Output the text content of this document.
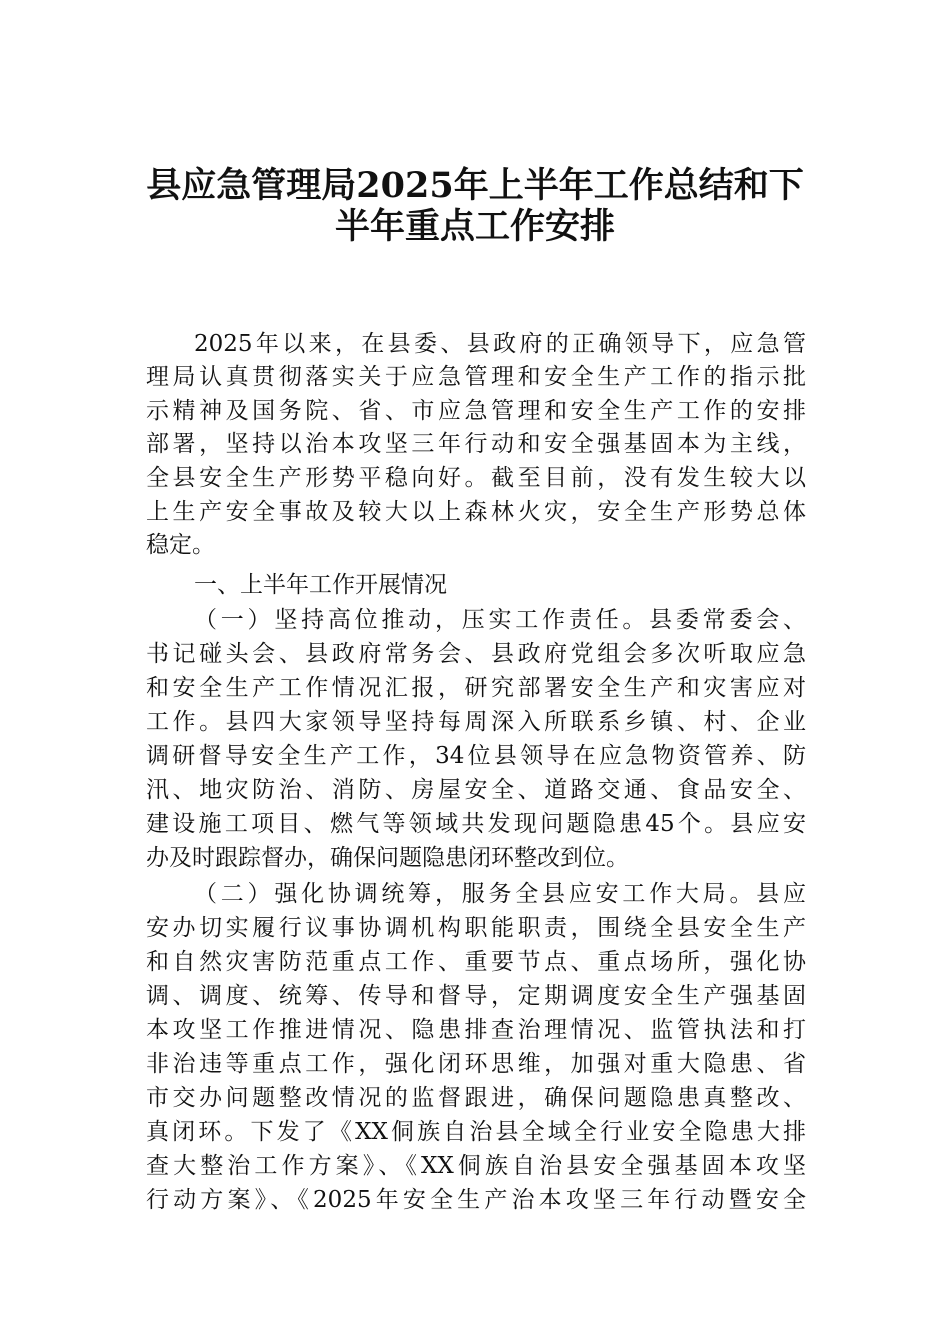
县应急管理局2025年上半年工作总结和下
半年重点工作安排
2025年以来，在县委、县政府的正确领导下，应急管
理局认真贯彻落实关于应急管理和安全生产工作的指示批
示精神及国务院、省、市应急管理和安全生产工作的安排
部署，坚持以治本攻坚三年行动和安全强基固本为主线，
全县安全生产形势平稳向好。截至目前，没有发生较大以
上生产安全事故及较大以上森林火灾，安全生产形势总体
稳定。
一、上半年工作开展情况
（一）坚持高位推动，压实工作责任。县委常委会、
书记碰头会、县政府常务会、县政府党组会多次听取应急
和安全生产工作情况汇报，研究部署安全生产和灾害应对
工作。县四大家领导坚持每周深入所联系乡镇、村、企业
调研督导安全生产工作，34位县领导在应急物资管养、防
汛、地灾防治、消防、房屋安全、道路交通、食品安全、
建设施工项目、燃气等领域共发现问题隐患45个。县应安
办及时跟踪督办，确保问题隐患闭环整改到位。
（二）强化协调统筹，服务全县应安工作大局。县应
安办切实履行议事协调机构职能职责，围绕全县安全生产
和自然灾害防范重点工作、重要节点、重点场所，强化协
调、调度、统筹、传导和督导，定期调度安全生产强基固
本攻坚工作推进情况、隐患排查治理情况、监管执法和打
非治违等重点工作，强化闭环思维，加强对重大隐患、省
市交办问题整改情况的监督跟进，确保问题隐患真整改、
真闭环。下发了《XX侗族自治县全域全行业安全隐患大排
查大整治工作方案》、《XX侗族自治县安全强基固本攻坚
行动方案》、《2025年安全生产治本攻坚三年行动暨安全
